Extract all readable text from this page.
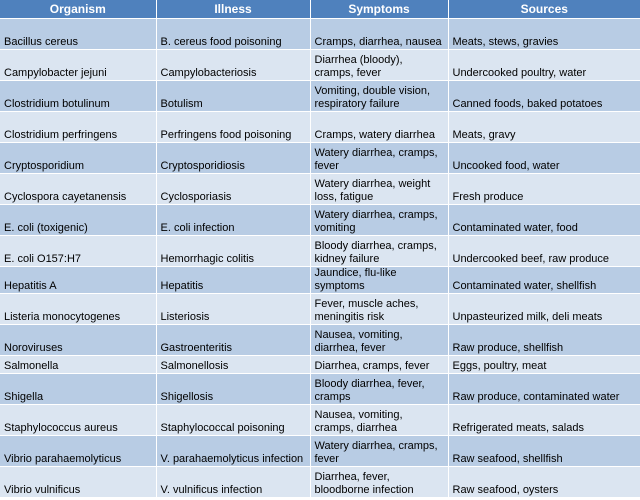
Organism	Illness	Symptoms	Sources
Bacillus cereus	B. cereus food poisoning	Cramps, diarrhea, nausea	Meats, stews, gravies
Campylobacter jejuni	Campylobacteriosis	Diarrhea (bloody), cramps, fever	Undercooked poultry, water
Clostridium botulinum	Botulism	Vomiting, double vision, respiratory failure	Canned foods, baked potatoes
Clostridium perfringens	Perfringens food poisoning	Cramps, watery diarrhea	Meats, gravy
Cryptosporidium	Cryptosporidiosis	Watery diarrhea, cramps, fever	Uncooked food, water
Cyclospora cayetanensis	Cyclosporiasis	Watery diarrhea, weight loss, fatigue	Fresh produce
E. coli (toxigenic)	E. coli infection	Watery diarrhea, cramps, vomiting	Contaminated water, food
E. coli O157:H7	Hemorrhagic colitis	Bloody diarrhea, cramps, kidney failure	Undercooked beef, raw produce
Hepatitis A	Hepatitis	Jaundice, flu-like symptoms	Contaminated water, shellfish
Listeria monocytogenes	Listeriosis	Fever, muscle aches, meningitis risk	Unpasteurized milk, deli meats
Noroviruses	Gastroenteritis	Nausea, vomiting, diarrhea, fever	Raw produce, shellfish
Salmonella	Salmonellosis	Diarrhea, cramps, fever	Eggs, poultry, meat
Shigella	Shigellosis	Bloody diarrhea, fever, cramps	Raw produce, contaminated water
Staphylococcus aureus	Staphylococcal poisoning	Nausea, vomiting, cramps, diarrhea	Refrigerated meats, salads
Vibrio parahaemolyticus	V. parahaemolyticus infection	Watery diarrhea, cramps, fever	Raw seafood, shellfish
Vibrio vulnificus	V. vulnificus infection	Diarrhea, fever, bloodborne infection	Raw seafood, oysters
